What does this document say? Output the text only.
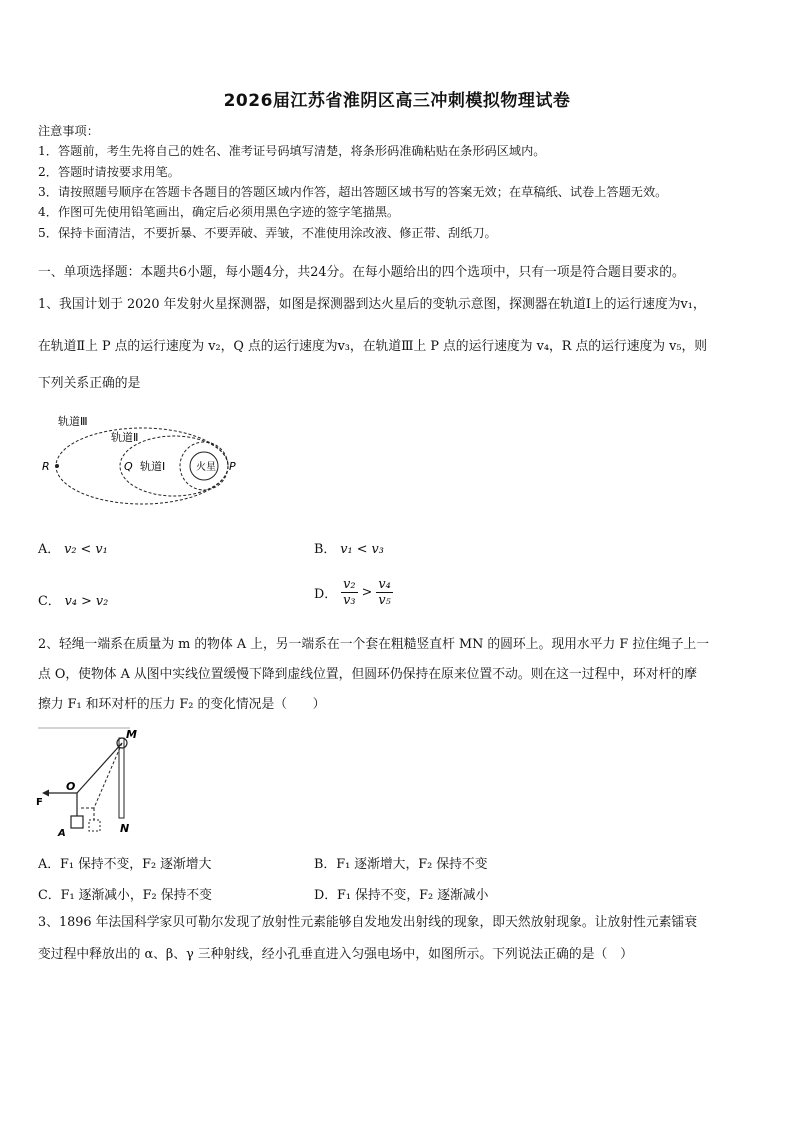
2026届江苏省淮阴区高三冲刺模拟物理试卷
注意事项：
1．答题前，考生先将自己的姓名、准考证号码填写清楚，将条形码准确粘贴在条形码区域内。
2．答题时请按要求用笔。
3．请按照题号顺序在答题卡各题目的答题区域内作答，超出答题区域书写的答案无效；在草稿纸、试卷上答题无效。
4．作图可先使用铅笔画出，确定后必须用黑色字迹的签字笔描黑。
5．保持卡面清洁，不要折暴、不要弄破、弄皱，不准使用涂改液、修正带、刮纸刀。
一、单项选择题：本题共6小题，每小题4分，共24分。在每小题给出的四个选项中，只有一项是符合题目要求的。
1、我国计划于 2020 年发射火星探测器，如图是探测器到达火星后的变轨示意图，探测器在轨道Ⅰ上的运行速度为v₁，
在轨道Ⅱ上 P 点的运行速度为 v₂，Q 点的运行速度为v₃，在轨道Ⅲ上 P 点的运行速度为 v₄，R 点的运行速度为 v₅，则
下列关系正确的是
轨道Ⅲ
轨道Ⅱ
轨道Ⅰ	火星
R	Q	P
A． v₂ < v₁	B． v₁ < v₃
C． v₄ > v₂	D． $\frac{\text{v₂}}{\text{v₃}} > \frac{\text{v₄}}{\text{v₅}}$
2、轻绳一端系在质量为 m 的物体 A 上，另一端系在一个套在粗糙竖直杆 MN 的圆环上。现用水平力 F 拉住绳子上一
点 O，使物体 A 从图中实线位置缓慢下降到虚线位置，但圆环仍保持在原来位置不动。则在这一过程中，环对杆的摩
擦力 F₁ 和环对杆的压力 F₂ 的变化情况是（　　）
M
N
O
F
A
A．F₁ 保持不变，F₂ 逐渐增大	B．F₁ 逐渐增大，F₂ 保持不变
C．F₁ 逐渐减小，F₂ 保持不变	D．F₁ 保持不变，F₂ 逐渐减小
3、1896 年法国科学家贝可勒尔发现了放射性元素能够自发地发出射线的现象，即天然放射现象。让放射性元素镭衰
变过程中释放出的 α、β、γ 三种射线，经小孔垂直进入匀强电场中，如图所示。下列说法正确的是（　）
